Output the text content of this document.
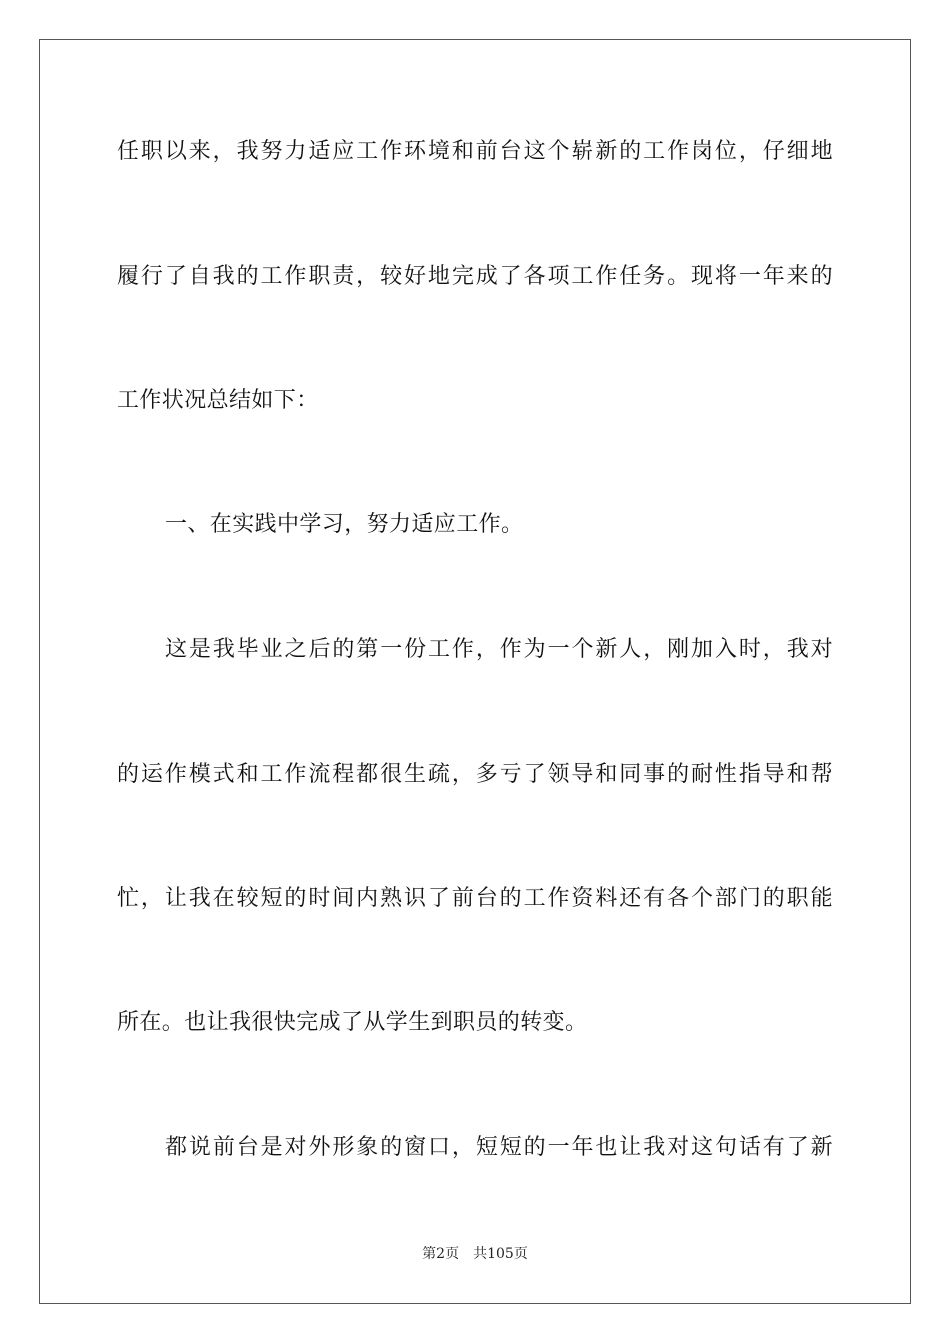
任职以来，我努力适应工作环境和前台这个崭新的工作岗位，仔细地
履行了自我的工作职责，较好地完成了各项工作任务。现将一年来的
工作状况总结如下：
一、在实践中学习，努力适应工作。
这是我毕业之后的第一份工作，作为一个新人，刚加入时，我对
的运作模式和工作流程都很生疏，多亏了领导和同事的耐性指导和帮
忙，让我在较短的时间内熟识了前台的工作资料还有各个部门的职能
所在。也让我很快完成了从学生到职员的转变。
都说前台是对外形象的窗口，短短的一年也让我对这句话有了新
第2页 共105页
